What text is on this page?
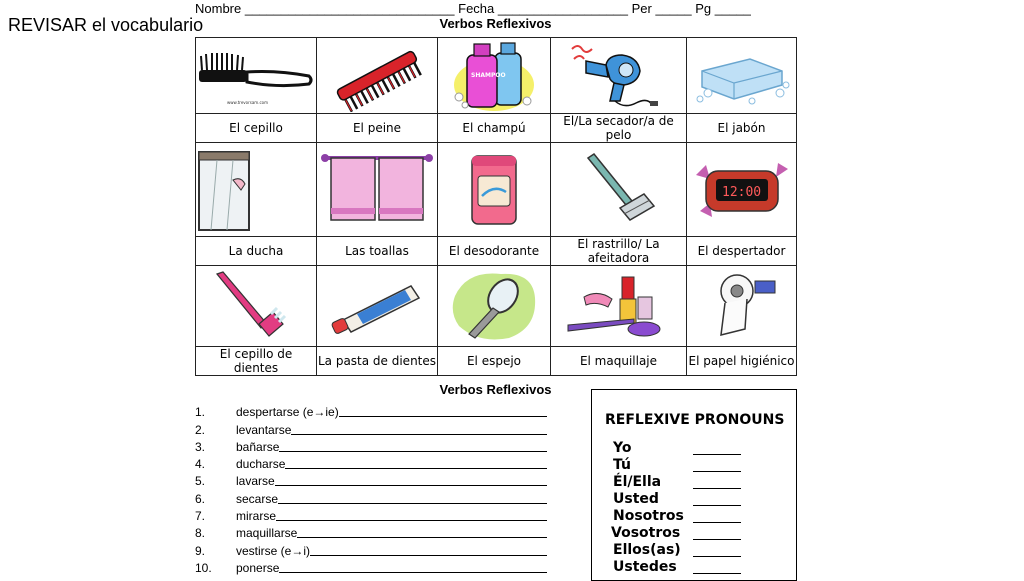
REVISAR el vocabulario
Nombre _____________________________ Fecha __________________ Per _____ Pg _____
Verbos Reflexivos
www.trevorsam.com		SHAMPOO

El cepillo	El peine	El champú	El/La secador/a de pelo	El jabón

12:00

La ducha	Las toallas	El desodorante	El rastrillo/ La afeitadora	El despertador

El cepillo de dientes	La pasta de dientes	El espejo	El maquillaje	El papel higiénico
Verbos Reflexivos
1.	despertarse (e→ie)
2.	levantarse
3.	bañarse
4.	ducharse
5.	lavarse
6.	secarse
7.	mirarse
8.	maquillarse
9.	vestirse (e→i)
10.	ponerse
REFLEXIVE PRONOUNS
Yo
Tú
Él/Ella
Usted
Nosotros
Vosotros
Ellos(as)
Ustedes
